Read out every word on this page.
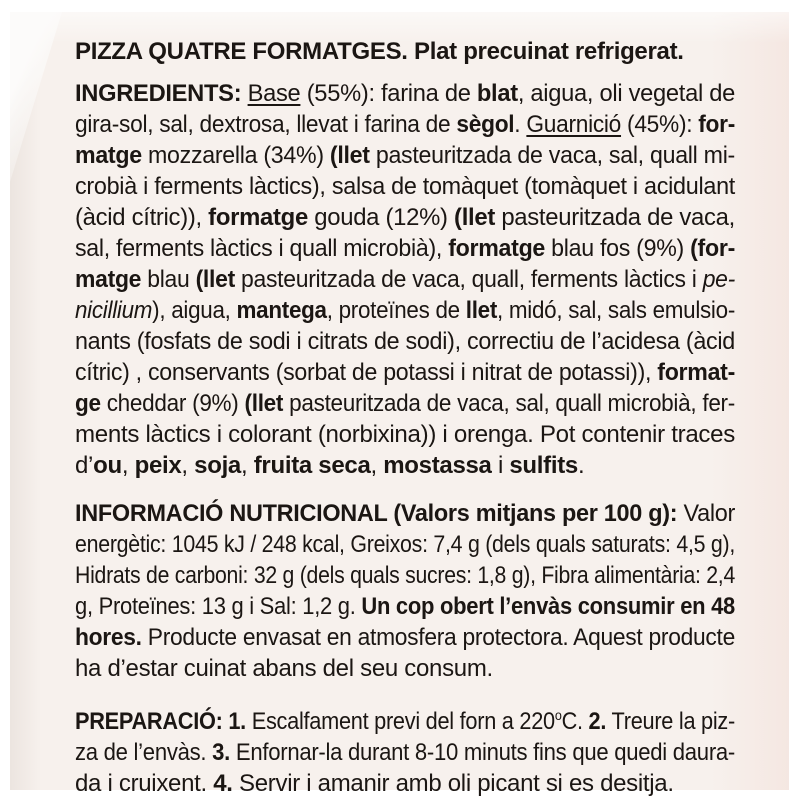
PIZZA QUATRE FORMATGES. Plat precuinat refrigerat.
INGREDIENTS: Base (55%): farina de blat, aigua, oli vegetal de
gira-sol, sal, dextrosa, llevat i farina de sègol. Guarnició (45%): for-
matge mozzarella (34%) (llet pasteuritzada de vaca, sal, quall mi-
crobià i ferments làctics), salsa de tomàquet (tomàquet i acidulant
(àcid cítric)), formatge gouda (12%) (llet pasteuritzada de vaca,
sal, ferments làctics i quall microbià), formatge blau fos (9%) (for-
matge blau (llet pasteuritzada de vaca, quall, ferments làctics i pe-
nicillium), aigua, mantega, proteïnes de llet, midó, sal, sals emulsio-
nants (fosfats de sodi i citrats de sodi), correctiu de l’acidesa (àcid
cítric) , conservants (sorbat de potassi i nitrat de potassi)), format-
ge cheddar (9%) (llet pasteuritzada de vaca, sal, quall microbià, fer-
ments làctics i colorant (norbixina)) i orenga. Pot contenir traces
d’ou, peix, soja, fruita seca, mostassa i sulfits.
INFORMACIÓ NUTRICIONAL (Valors mitjans per 100 g): Valor
energètic: 1045 kJ / 248 kcal, Greixos: 7,4 g (dels quals saturats: 4,5 g),
Hidrats de carboni: 32 g (dels quals sucres: 1,8 g), Fibra alimentària: 2,4
g, Proteïnes: 13 g i Sal: 1,2 g. Un cop obert l’envàs consumir en 48
hores. Producte envasat en atmosfera protectora. Aquest producte
ha d’estar cuinat abans del seu consum.
PREPARACIÓ: 1. Escalfament previ del forn a 220$^o$C. 2. Treure la piz-
za de l’envàs. 3. Enfornar-la durant 8-10 minuts fins que quedi daura-
da i cruixent. 4. Servir i amanir amb oli picant si es desitja.
